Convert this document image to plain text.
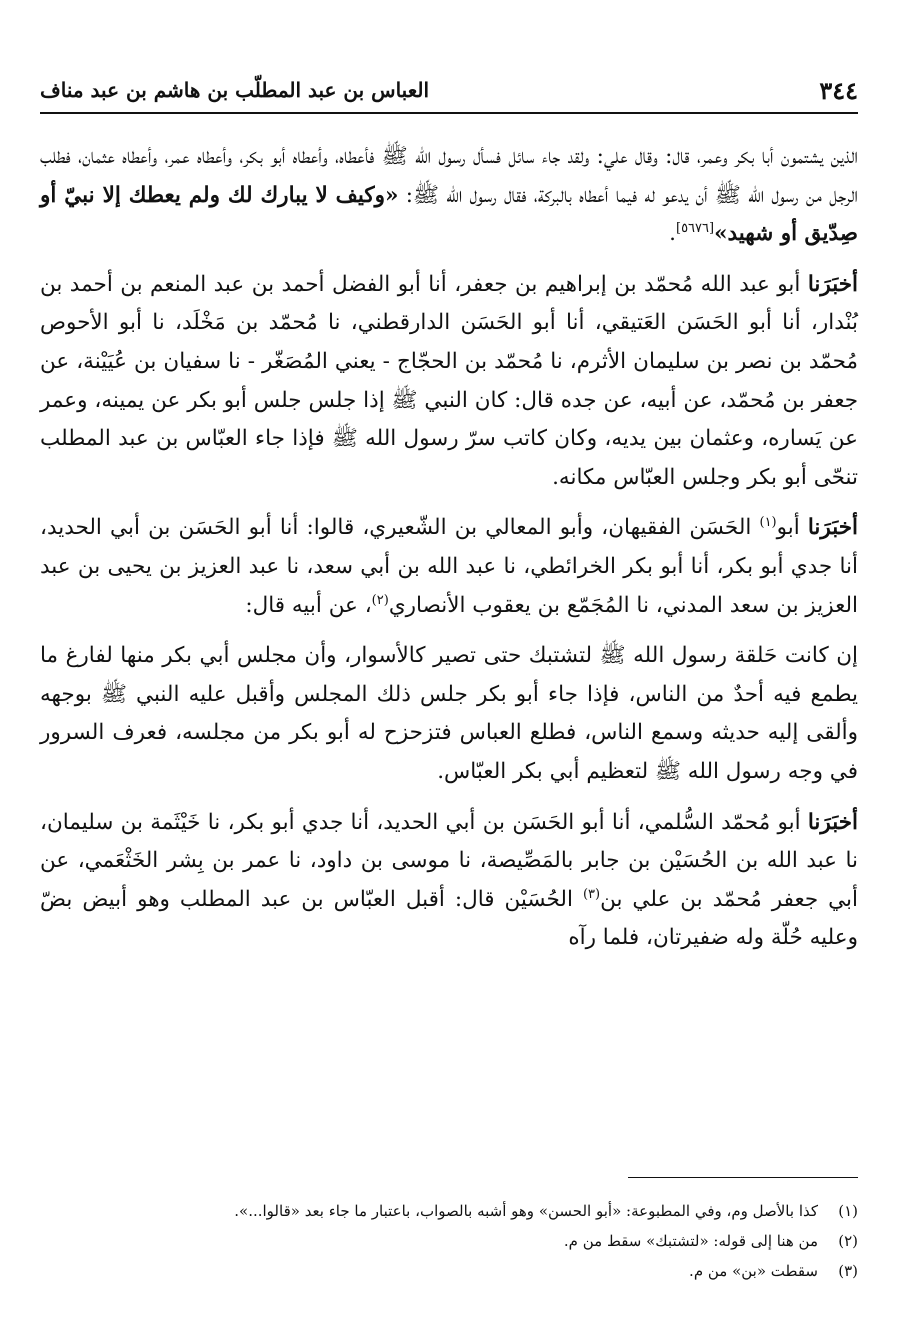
٣٤٤
العباس بن عبد المطلّب بن هاشم بن عبد مناف

الذين يشتمون أبا بكر وعمر، قال: وقال علي: ولقد جاء سائل فسأل رسول الله ﷺ فأعطاه، وأعطاه أبو بكر، وأعطاه عمر، وأعطاه عثمان، فطلب الرجل من رسول الله ﷺ أن يدعو له فيما أعطاه بالبركة، فقال رسول الله ﷺ: «وكيف لا يبارك لك ولم يعطك إلا نبيّ أو صِدّيق أو شهيد»[٥٦٧٦].

أخبَرَنا أبو عبد الله مُحمّد بن إبراهيم بن جعفر، أنا أبو الفضل أحمد بن عبد المنعم بن أحمد بن بُنْدار، أنا أبو الحَسَن العَتيقي، أنا أبو الحَسَن الدارقطني، نا مُحمّد بن مَخْلَد، نا أبو الأحوص مُحمّد بن نصر بن سليمان الأثرم، نا مُحمّد بن الحجّاج - يعني المُصَغّر - نا سفيان بن عُيَيْنة، عن جعفر بن مُحمّد، عن أبيه، عن جده قال: كان النبي ﷺ إذا جلس جلس أبو بكر عن يمينه، وعمر عن يَساره، وعثمان بين يديه، وكان كاتب سرّ رسول الله ﷺ فإذا جاء العبّاس بن عبد المطلب تنحّى أبو بكر وجلس العبّاس مكانه.

أخبَرَنا أبو$^{(١)}$ الحَسَن الفقيهان، وأبو المعالي بن الشّعيري، قالوا: أنا أبو الحَسَن بن أبي الحديد، أنا جدي أبو بكر، أنا أبو بكر الخرائطي، نا عبد الله بن أبي سعد، نا عبد العزيز بن يحيى بن عبد العزيز بن سعد المدني، نا المُجَمّع بن يعقوب الأنصاري$^{(٢)}$، عن أبيه قال:

إن كانت حَلقة رسول الله ﷺ لتشتبك حتى تصير كالأسوار، وأن مجلس أبي بكر منها لفارغ ما يطمع فيه أحدٌ من الناس، فإذا جاء أبو بكر جلس ذلك المجلس وأقبل عليه النبي ﷺ بوجهه وألقى إليه حديثه وسمع الناس، فطلع العباس فتزحزح له أبو بكر من مجلسه، فعرف السرور في وجه رسول الله ﷺ لتعظيم أبي بكر العبّاس.

أخبَرَنا أبو مُحمّد السُّلمي، أنا أبو الحَسَن بن أبي الحديد، أنا جدي أبو بكر، نا خَيْثَمة بن سليمان، نا عبد الله بن الحُسَيْن بن جابر بالمَصِّيصة، نا موسى بن داود، نا عمر بن بِشر الخَثْعَمي، عن أبي جعفر مُحمّد بن علي بن$^{(٣)}$ الحُسَيْن قال: أقبل العبّاس بن عبد المطلب وهو أبيض بضّ وعليه حُلّة وله ضفيرتان، فلما رآه

(١)
كذا بالأصل وم، وفي المطبوعة: «أبو الحسن» وهو أشبه بالصواب، باعتبار ما جاء بعد «قالوا...».
(٢)
من هنا إلى قوله: «لتشتبك» سقط من م.
(٣)
سقطت «بن» من م.
